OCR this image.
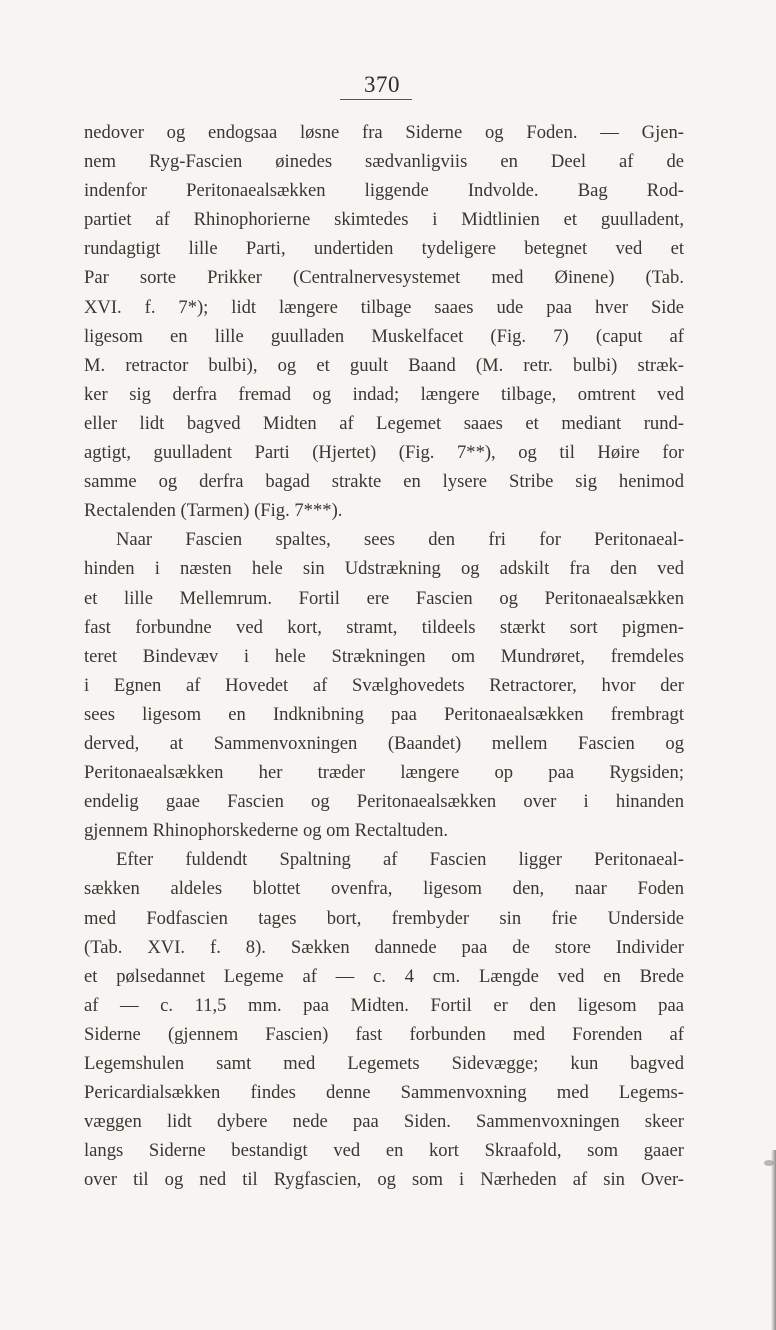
370
nedover og endogsaa løsne fra Siderne og Foden. — Gjen-
nem Ryg-Fascien øinedes sædvanligviis en Deel af de
indenfor Peritonaealsækken liggende Indvolde. Bag Rod-
partiet af Rhinophorierne skimtedes i Midtlinien et guulladent,
rundagtigt lille Parti, undertiden tydeligere betegnet ved et
Par sorte Prikker (Centralnervesystemet med Øinene) (Tab.
XVI. f. 7*); lidt længere tilbage saaes ude paa hver Side
ligesom en lille guulladen Muskelfacet (Fig. 7) (caput af
M. retractor bulbi), og et guult Baand (M. retr. bulbi) stræk-
ker sig derfra fremad og indad; længere tilbage, omtrent ved
eller lidt bagved Midten af Legemet saaes et mediant rund-
agtigt, guulladent Parti (Hjertet) (Fig. 7**), og til Høire for
samme og derfra bagad strakte en lysere Stribe sig henimod
Rectalenden (Tarmen) (Fig. 7***).
Naar Fascien spaltes, sees den fri for Peritonaeal-
hinden i næsten hele sin Udstrækning og adskilt fra den ved
et lille Mellemrum. Fortil ere Fascien og Peritonaealsækken
fast forbundne ved kort, stramt, tildeels stærkt sort pigmen-
teret Bindevæv i hele Strækningen om Mundrøret, fremdeles
i Egnen af Hovedet af Svælghovedets Retractorer, hvor der
sees ligesom en Indknibning paa Peritonaealsækken frembragt
derved, at Sammenvoxningen (Baandet) mellem Fascien og
Peritonaealsækken her træder længere op paa Rygsiden;
endelig gaae Fascien og Peritonaealsækken over i hinanden
gjennem Rhinophorskederne og om Rectaltuden.
Efter fuldendt Spaltning af Fascien ligger Peritonaeal-
sækken aldeles blottet ovenfra, ligesom den, naar Foden
med Fodfascien tages bort, frembyder sin frie Underside
(Tab. XVI. f. 8). Sækken dannede paa de store Individer
et pølsedannet Legeme af — c. 4 cm. Længde ved en Brede
af — c. 11,5 mm. paa Midten. Fortil er den ligesom paa
Siderne (gjennem Fascien) fast forbunden med Forenden af
Legemshulen samt med Legemets Sidevægge; kun bagved
Pericardialsækken findes denne Sammenvoxning med Legems-
væggen lidt dybere nede paa Siden. Sammenvoxningen skeer
langs Siderne bestandigt ved en kort Skraafold, som gaaer
over til og ned til Rygfascien, og som i Nærheden af sin Over-
